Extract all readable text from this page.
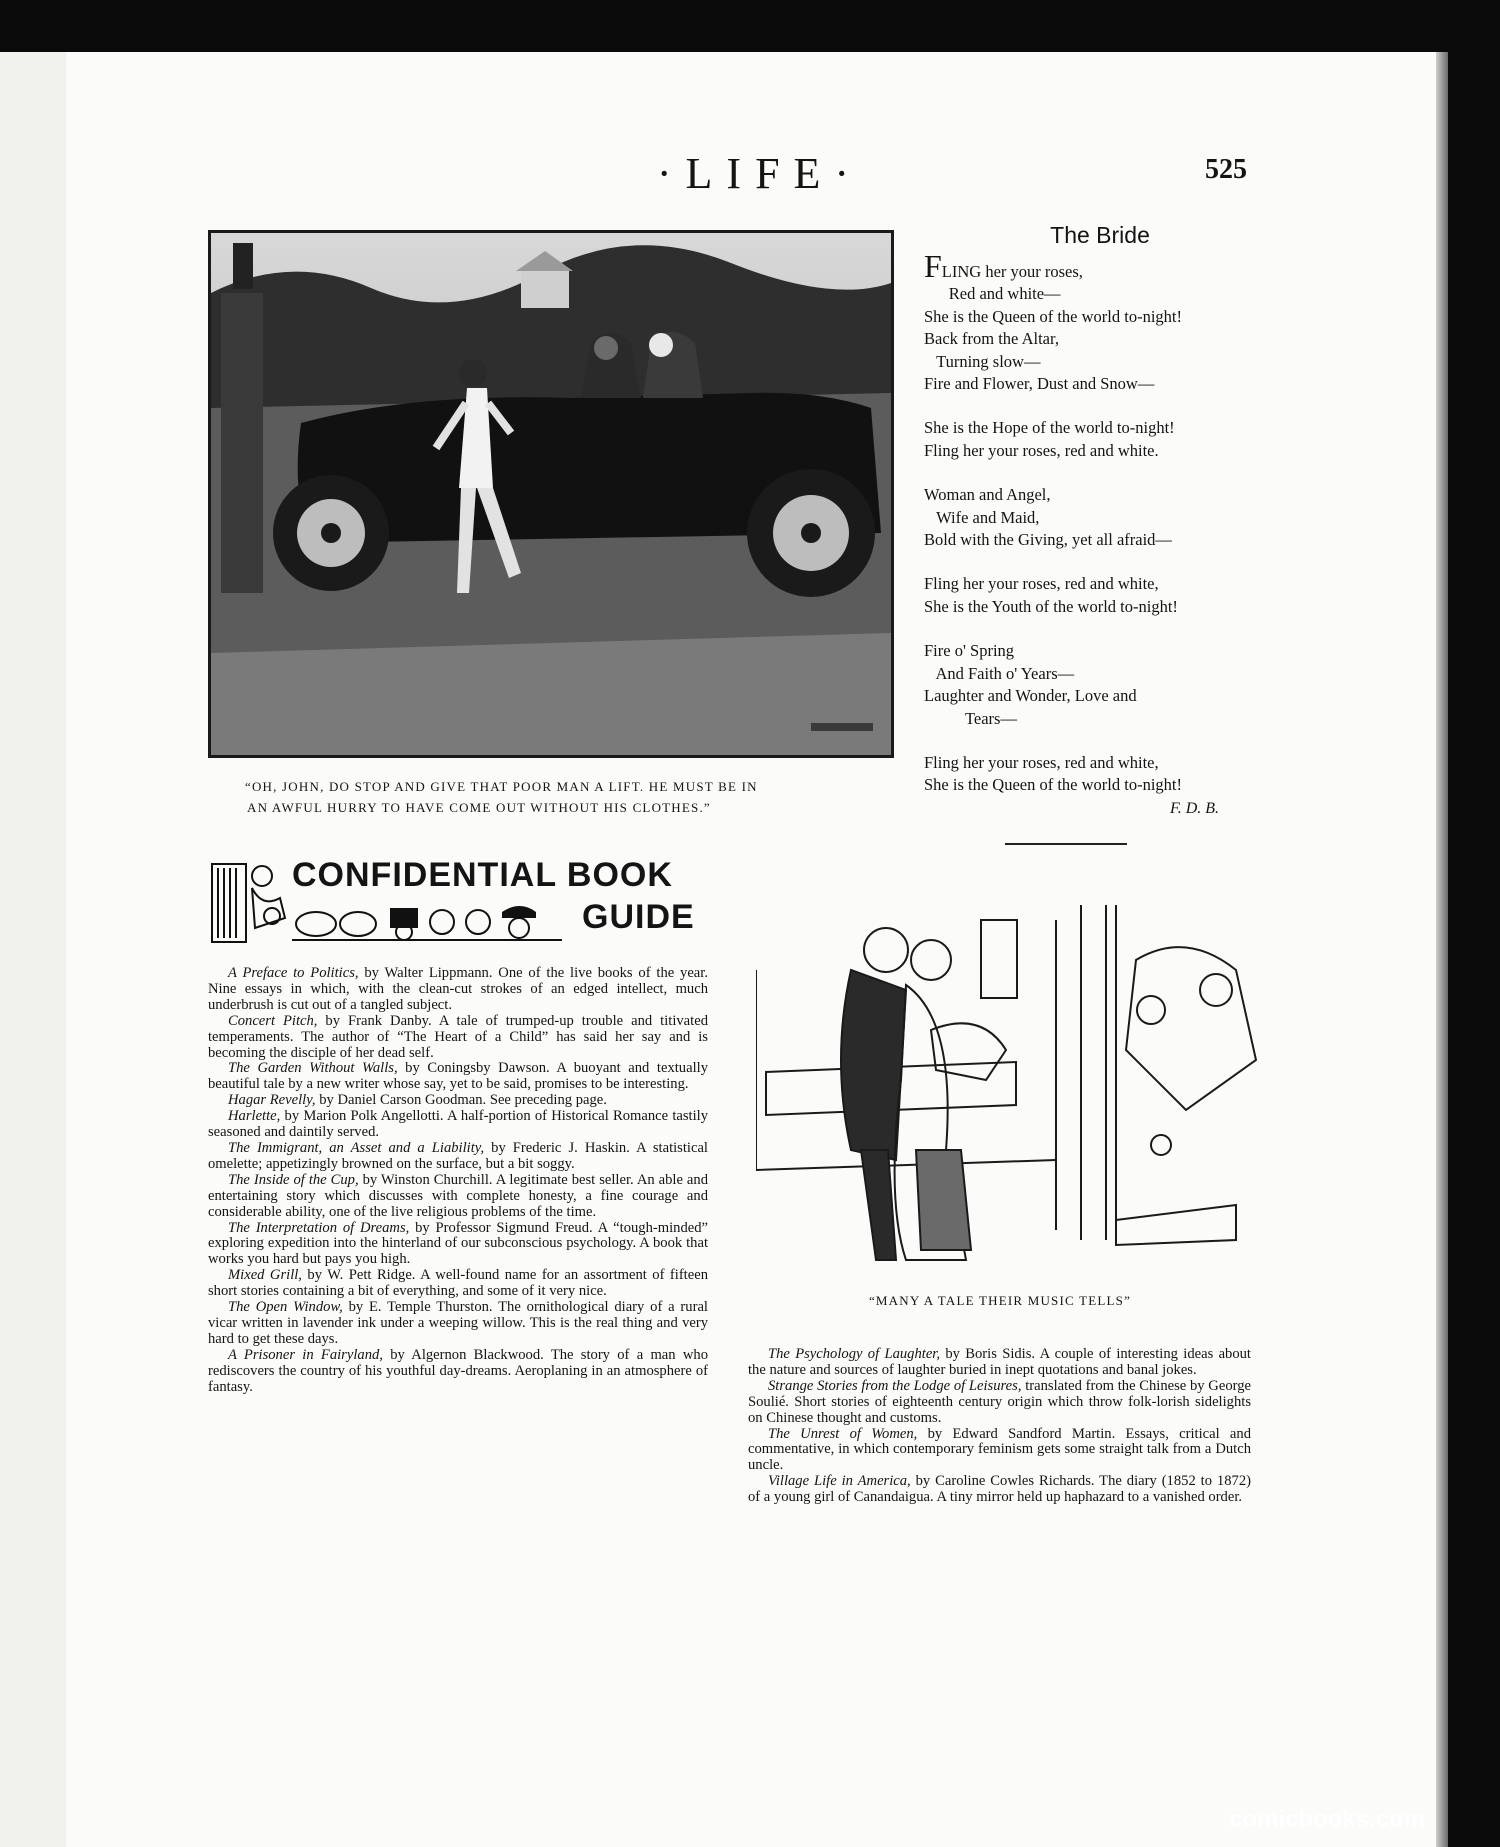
·LIFE·	525
“OH, JOHN, DO STOP AND GIVE THAT POOR MAN A LIFT. HE MUST BE IN
AN AWFUL HURRY TO HAVE COME OUT WITHOUT HIS CLOTHES.”
The Bride
FLING her your roses,
Red and white—
She is the Queen of the world to-night!
Back from the Altar,
Turning slow—
Fire and Flower, Dust and Snow—
She is the Hope of the world to-night!
Fling her your roses, red and white.
Woman and Angel,
Wife and Maid,
Bold with the Giving, yet all afraid—
Fling her your roses, red and white,
She is the Youth of the world to-night!
Fire o' Spring
And Faith o' Years—
Laughter and Wonder, Love and
Tears—
Fling her your roses, red and white,
She is the Queen of the world to-night!
F. D. B.
CONFIDENTIAL BOOK
GUIDE

A Preface to Politics, by Walter Lippmann. One of the live books of the year. Nine essays in which, with the clean-cut strokes of an edged intellect, much underbrush is cut out of a tangled subject.

Concert Pitch, by Frank Danby. A tale of trumped-up trouble and titivated temperaments. The author of “The Heart of a Child” has said her say and is becoming the disciple of her dead self.

The Garden Without Walls, by Coningsby Dawson. A buoyant and textually beautiful tale by a new writer whose say, yet to be said, promises to be interesting.

Hagar Revelly, by Daniel Carson Goodman. See preceding page.

Harlette, by Marion Polk Angellotti. A half-portion of Historical Romance tastily seasoned and daintily served.

The Immigrant, an Asset and a Liability, by Frederic J. Haskin. A statistical omelette; appetizingly browned on the surface, but a bit soggy.

The Inside of the Cup, by Winston Churchill. A legitimate best seller. An able and entertaining story which discusses with complete honesty, a fine courage and considerable ability, one of the live religious problems of the time.

The Interpretation of Dreams, by Professor Sigmund Freud. A “tough-minded” exploring expedition into the hinterland of our subconscious psychology. A book that works you hard but pays you high.

Mixed Grill, by W. Pett Ridge. A well-found name for an assortment of fifteen short stories containing a bit of everything, and some of it very nice.

The Open Window, by E. Temple Thurston. The ornithological diary of a rural vicar written in lavender ink under a weeping willow. This is the real thing and very hard to get these days.

A Prisoner in Fairyland, by Algernon Blackwood. The story of a man who rediscovers the country of his youthful day-dreams. Aeroplaning in an atmosphere of fantasy.

“MANY A TALE THEIR MUSIC TELLS”

The Psychology of Laughter, by Boris Sidis. A couple of interesting ideas about the nature and sources of laughter buried in inept quotations and banal jokes.

Strange Stories from the Lodge of Leisures, translated from the Chinese by George Soulié. Short stories of eighteenth century origin which throw folk-lorish sidelights on Chinese thought and customs.

The Unrest of Women, by Edward Sandford Martin. Essays, critical and commentative, in which contemporary feminism gets some straight talk from a Dutch uncle.

Village Life in America, by Caroline Cowles Richards. The diary (1852 to 1872) of a young girl of Canandaigua. A tiny mirror held up haphazard to a vanished order.

comicbooks.com
